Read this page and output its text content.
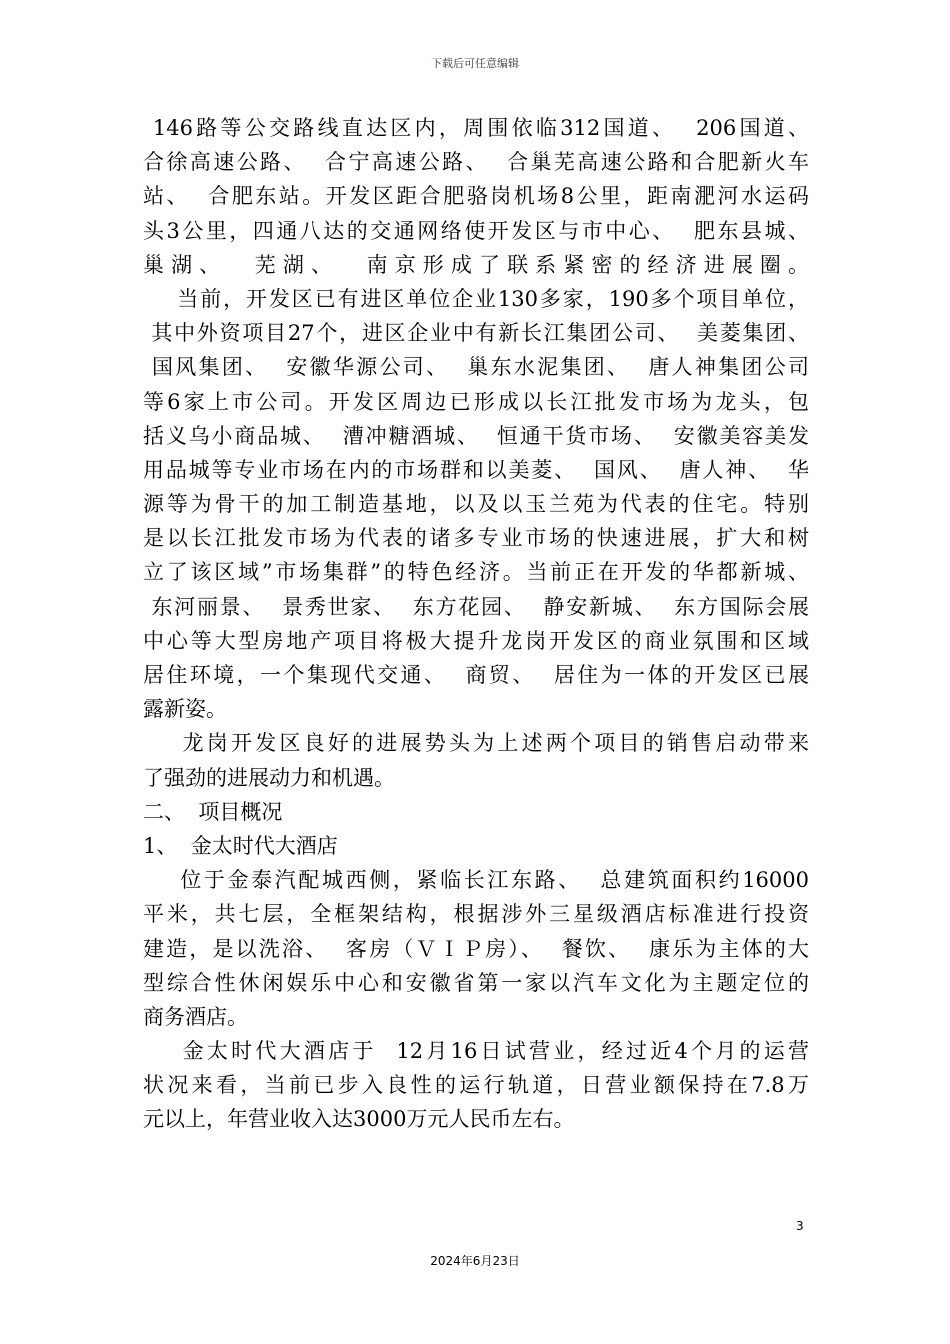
下载后可任意编辑
146路等公交路线直达区内，周围依临312国道、  206国道、
合徐高速公路、  合宁高速公路、  合巢芜高速公路和合肥新火车
站、  合肥东站。开发区距合肥骆岗机场8公里，距南淝河水运码
头3公里，四通八达的交通网络使开发区与市中心、  肥东县城、
巢湖、  芜湖、  南京形成了联系紧密的经济进展圈。
当前，开发区已有进区单位企业130多家，190多个项目单位，
其中外资项目27个，进区企业中有新长江集团公司、  美菱集团、
国风集团、  安徽华源公司、  巢东水泥集团、  唐人神集团公司
等6家上市公司。开发区周边已形成以长江批发市场为龙头，包
括义乌小商品城、  漕冲糖酒城、  恒通干货市场、  安徽美容美发
用品城等专业市场在内的市场群和以美菱、  国风、  唐人神、  华
源等为骨干的加工制造基地，以及以玉兰苑为代表的住宅。特别
是以长江批发市场为代表的诸多专业市场的快速进展，扩大和树
立了该区域”市场集群”的特色经济。当前正在开发的华都新城、
东河丽景、  景秀世家、  东方花园、  静安新城、  东方国际会展
中心等大型房地产项目将极大提升龙岗开发区的商业氛围和区域
居住环境，一个集现代交通、  商贸、  居住为一体的开发区已展
露新姿。
龙岗开发区良好的进展势头为上述两个项目的销售启动带来
了强劲的进展动力和机遇。
二、  项目概况
1、  金太时代大酒店
位于金泰汽配城西侧，紧临长江东路、  总建筑面积约16000
平米，共七层，全框架结构，根据涉外三星级酒店标准进行投资
建造，是以洗浴、  客房（ＶＩＰ房）、  餐饮、  康乐为主体的大
型综合性休闲娱乐中心和安徽省第一家以汽车文化为主题定位的
商务酒店。
金太时代大酒店于  12月16日试营业，经过近4个月的运营
状况来看，当前已步入良性的运行轨道，日营业额保持在7.8万
元以上，年营业收入达3000万元人民币左右。
3
2024年6月23日
